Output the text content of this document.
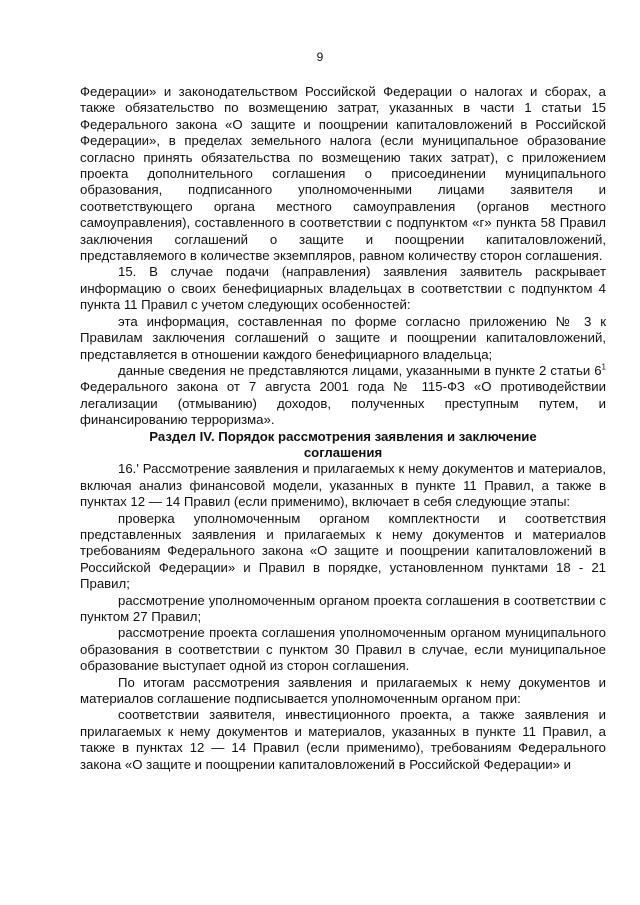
9

Федерации» и законодательством Российской Федерации о налогах и сборах, а также обязательство по возмещению затрат, указанных в части 1 статьи 15 Федерального закона «О защите и поощрении капиталовложений в Российской Федерации», в пределах земельного налога (если муниципальное образование согласно принять обязательства по возмещению таких затрат), с приложением проекта дополнительного соглашения о присоединении муниципального образования, подписанного уполномоченными лицами заявителя и соответствующего органа местного самоуправления (органов местного самоуправления), составленного в соответствии с подпунктом «г» пункта 58 Правил заключения соглашений о защите и поощрении капиталовложений, представляемого в количестве экземпляров, равном количеству сторон соглашения.

15. В случае подачи (направления) заявления заявитель раскрывает информацию о своих бенефициарных владельцах в соответствии с подпунктом 4 пункта 11 Правил с учетом следующих особенностей:

эта информация, составленная по форме согласно приложению № 3 к Правилам заключения соглашений о защите и поощрении капиталовложений, представляется в отношении каждого бенефициарного владельца;

данные сведения не представляются лицами, указанными в пункте 2 статьи $6^1$ Федерального закона от 7 августа 2001 года № 115-ФЗ «О противодействии легализации (отмыванию) доходов, полученных преступным путем, и финансированию терроризма».

Раздел IV. Порядок рассмотрения заявления и заключение соглашения

16.' Рассмотрение заявления и прилагаемых к нему документов и материалов, включая анализ финансовой модели, указанных в пункте 11 Правил, а также в пунктах 12 — 14 Правил (если применимо), включает в себя следующие этапы:

проверка уполномоченным органом комплектности и соответствия представленных заявления и прилагаемых к нему документов и материалов требованиям Федерального закона «О защите и поощрении капиталовложений в Российской Федерации» и Правил в порядке, установленном пунктами 18 - 21 Правил;

рассмотрение уполномоченным органом проекта соглашения в соответствии с пунктом 27 Правил;

рассмотрение проекта соглашения уполномоченным органом муниципального образования в соответствии с пунктом 30 Правил в случае, если муниципальное образование выступает одной из сторон соглашения.

По итогам рассмотрения заявления и прилагаемых к нему документов и материалов соглашение подписывается уполномоченным органом при:

соответствии заявителя, инвестиционного проекта, а также заявления и прилагаемых к нему документов и материалов, указанных в пункте 11 Правил, а также в пунктах 12 — 14 Правил (если применимо), требованиям Федерального закона «О защите и поощрении капиталовложений в Российской Федерации» и
